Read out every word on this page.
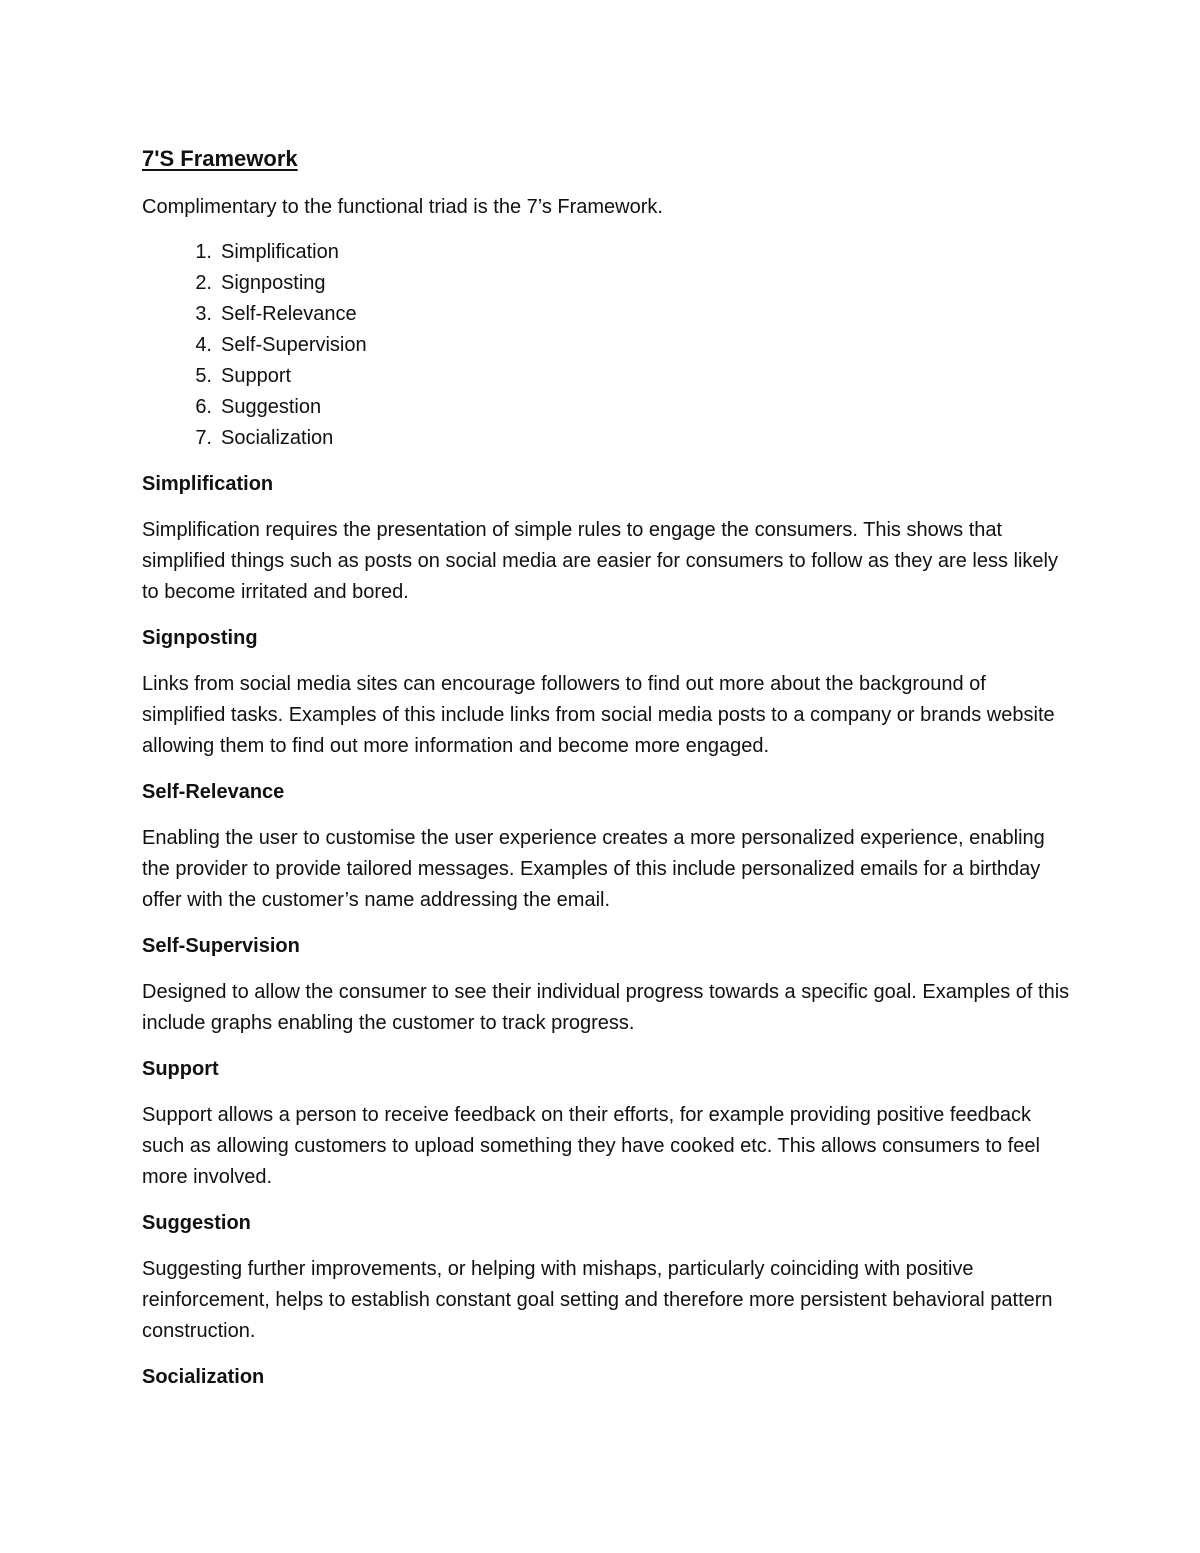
7'S Framework

Complimentary to the functional triad is the 7’s Framework.

1. Simplification
2. Signposting
3. Self-Relevance
4. Self-Supervision
5. Support
6. Suggestion
7. Socialization
Simplification

Simplification requires the presentation of simple rules to engage the consumers. This shows that simplified things such as posts on social media are easier for consumers to follow as they are less likely to become irritated and bored.

Signposting

Links from social media sites can encourage followers to find out more about the background of simplified tasks. Examples of this include links from social media posts to a company or brands website allowing them to find out more information and become more engaged.

Self-Relevance

Enabling the user to customise the user experience creates a more personalized experience, enabling the provider to provide tailored messages. Examples of this include personalized emails for a birthday offer with the customer’s name addressing the email.

Self-Supervision

Designed to allow the consumer to see their individual progress towards a specific goal. Examples of this include graphs enabling the customer to track progress.

Support

Support allows a person to receive feedback on their efforts, for example providing positive feedback such as allowing customers to upload something they have cooked etc. This allows consumers to feel more involved.

Suggestion

Suggesting further improvements, or helping with mishaps, particularly coinciding with positive reinforcement, helps to establish constant goal setting and therefore more persistent behavioral pattern construction.

Socialization
